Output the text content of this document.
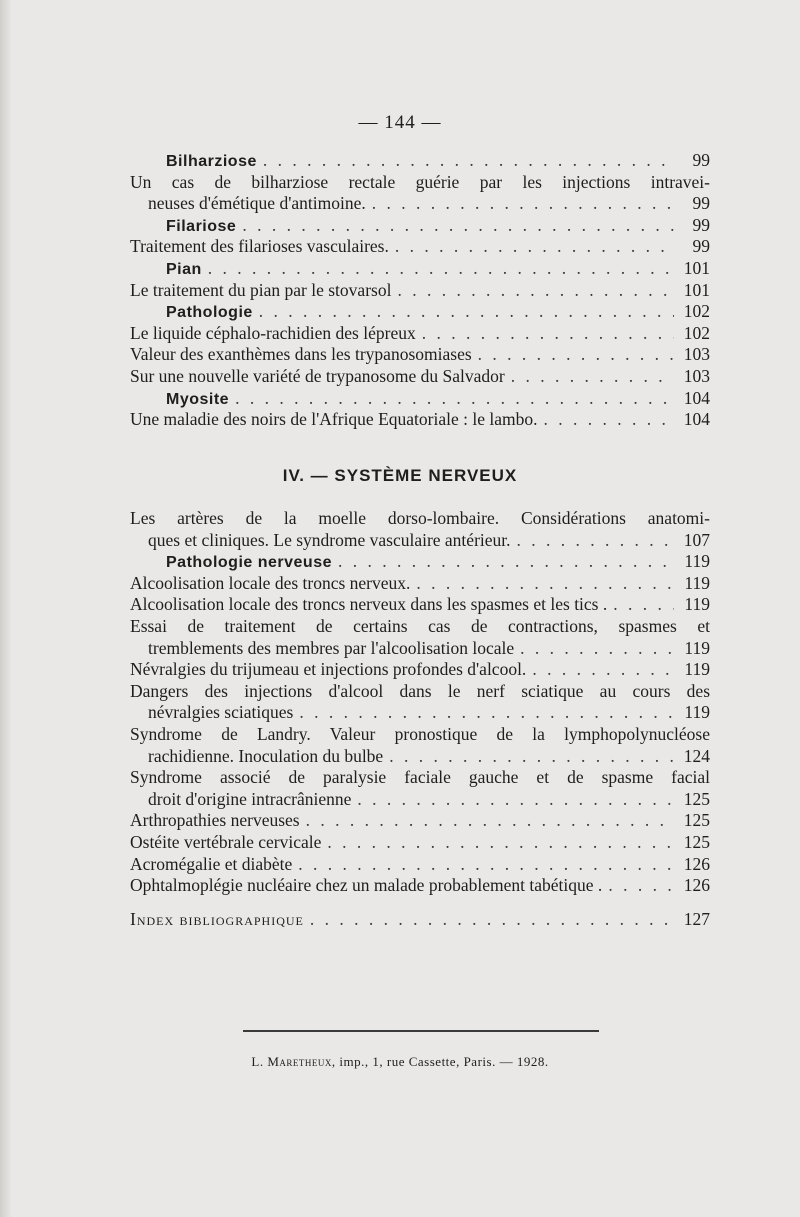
— 144 —
Bilharziose . . .	99
Un cas de bilharziose rectale guérie par les injections intravei-
neuses d'émétique d'antimoine. . . .	99
Filariose . . .	99
Traitement des filarioses vasculaires. . . .	99
Pian . . .	101
Le traitement du pian par le stovarsol . . .	101
Pathologie . . .	102
Le liquide céphalo-rachidien des lépreux . . .	102
Valeur des exanthèmes dans les trypanosomiases . . .	103
Sur une nouvelle variété de trypanosome du Salvador . . .	103
Myosite . . .	104
Une maladie des noirs de l'Afrique Equatoriale : le lambo. . . .	104
IV. — SYSTÈME NERVEUX
Les artères de la moelle dorso-lombaire. Considérations anatomi-
ques et cliniques. Le syndrome vasculaire antérieur. . . .	107
Pathologie nerveuse . . .	119
Alcoolisation locale des troncs nerveux. . . .	119
Alcoolisation locale des troncs nerveux dans les spasmes et les tics . . . .	119
Essai de traitement de certains cas de contractions, spasmes et
tremblements des membres par l'alcoolisation locale . . .	119
Névralgies du trijumeau et injections profondes d'alcool. . . .	119
Dangers des injections d'alcool dans le nerf sciatique au cours des
névralgies sciatiques . . .	119
Syndrome de Landry. Valeur pronostique de la lymphopolynucléose
rachidienne. Inoculation du bulbe . . .	124
Syndrome associé de paralysie faciale gauche et de spasme facial
droit d'origine intracrânienne . . .	125
Arthropathies nerveuses . . .	125
Ostéite vertébrale cervicale . . .	125
Acromégalie et diabète . . .	126
Ophtalmoplégie nucléaire chez un malade probablement tabétique . . . .	126
Index bibliographique . . .	127
L. Maretheux, imp., 1, rue Cassette, Paris. — 1928.
